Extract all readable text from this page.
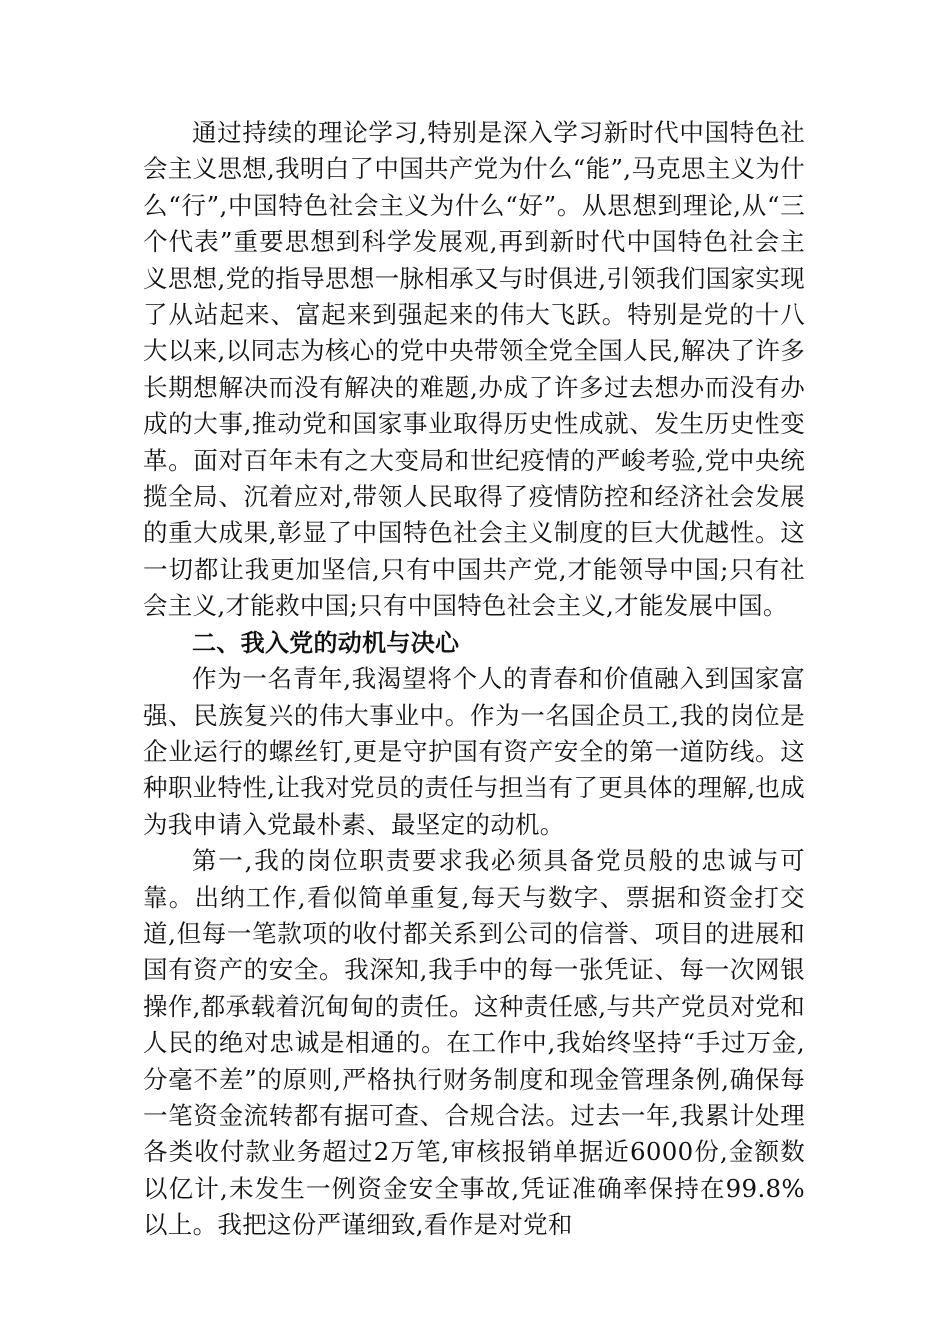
通过持续的理论学习,特别是深入学习新时代中国特色社会主义思想,我明白了中国共产党为什么“能”,马克思主义为什么“行”,中国特色社会主义为什么“好”。从思想到理论,从“三个代表”重要思想到科学发展观,再到新时代中国特色社会主义思想,党的指导思想一脉相承又与时俱进,引领我们国家实现了从站起来、富起来到强起来的伟大飞跃。特别是党的十八大以来,以同志为核心的党中央带领全党全国人民,解决了许多长期想解决而没有解决的难题,办成了许多过去想办而没有办成的大事,推动党和国家事业取得历史性成就、发生历史性变革。面对百年未有之大变局和世纪疫情的严峻考验,党中央统揽全局、沉着应对,带领人民取得了疫情防控和经济社会发展的重大成果,彰显了中国特色社会主义制度的巨大优越性。这一切都让我更加坚信,只有中国共产党,才能领导中国;只有社会主义,才能救中国;只有中国特色社会主义,才能发展中国。

二、我入党的动机与决心

作为一名青年,我渴望将个人的青春和价值融入到国家富强、民族复兴的伟大事业中。作为一名国企员工,我的岗位是企业运行的螺丝钉,更是守护国有资产安全的第一道防线。这种职业特性,让我对党员的责任与担当有了更具体的理解,也成为我申请入党最朴素、最坚定的动机。

第一,我的岗位职责要求我必须具备党员般的忠诚与可靠。出纳工作,看似简单重复,每天与数字、票据和资金打交道,但每一笔款项的收付都关系到公司的信誉、项目的进展和国有资产的安全。我深知,我手中的每一张凭证、每一次网银操作,都承载着沉甸甸的责任。这种责任感,与共产党员对党和人民的绝对忠诚是相通的。在工作中,我始终坚持“手过万金,分毫不差”的原则,严格执行财务制度和现金管理条例,确保每一笔资金流转都有据可查、合规合法。过去一年,我累计处理各类收付款业务超过2万笔,审核报销单据近6000份,金额数以亿计,未发生一例资金安全事故,凭证准确率保持在99.8%以上。我把这份严谨细致,看作是对党和
